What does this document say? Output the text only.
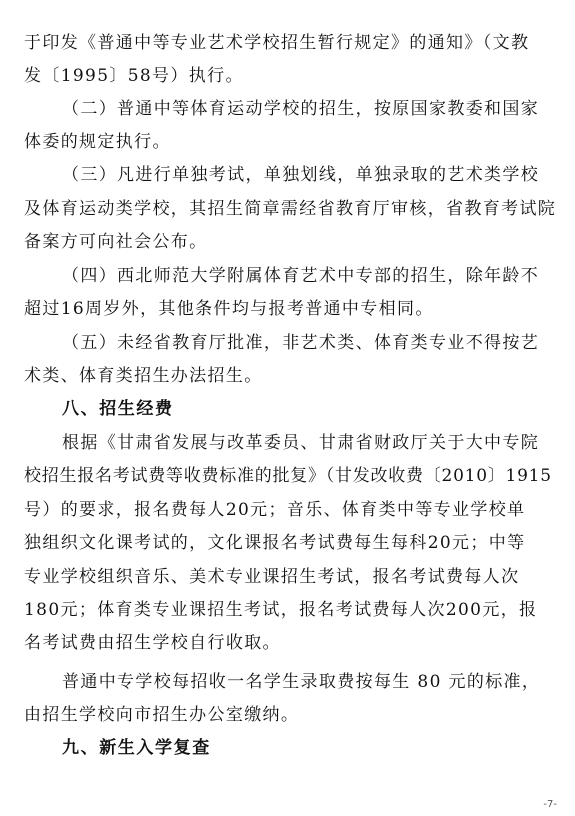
于印发《普通中等专业艺术学校招生暂行规定》的通知》（文教
发〔1995〕58号）执行。
（二）普通中等体育运动学校的招生，按原国家教委和国家
体委的规定执行。
（三）凡进行单独考试，单独划线，单独录取的艺术类学校
及体育运动类学校，其招生简章需经省教育厅审核，省教育考试院
备案方可向社会公布。
（四）西北师范大学附属体育艺术中专部的招生，除年龄不
超过16周岁外，其他条件均与报考普通中专相同。
（五）未经省教育厅批准，非艺术类、体育类专业不得按艺
术类、体育类招生办法招生。
八、招生经费
根据《甘肃省发展与改革委员、甘肃省财政厅关于大中专院
校招生报名考试费等收费标准的批复》（甘发改收费〔2010〕1915
号）的要求，报名费每人20元；音乐、体育类中等专业学校单
独组织文化课考试的，文化课报名考试费每生每科20元；中等
专业学校组织音乐、美术专业课招生考试，报名考试费每人次
180元；体育类专业课招生考试，报名考试费每人次200元，报
名考试费由招生学校自行收取。
普通中专学校每招收一名学生录取费按每生 80 元的标准，
由招生学校向市招生办公室缴纳。
九、新生入学复查
-7-
